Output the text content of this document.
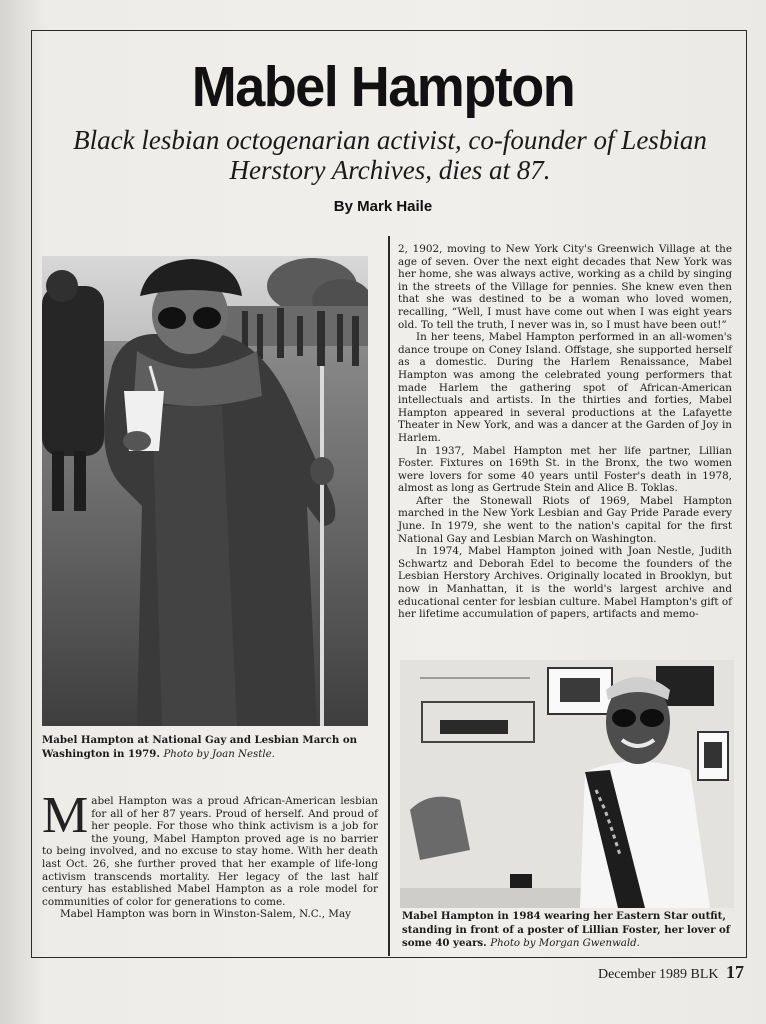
Mabel Hampton
Black lesbian octogenarian activist, co-founder of Lesbian Herstory Archives, dies at 87.
By Mark Haile
Mabel Hampton at National Gay and Lesbian March on Washington in 1979. Photo by Joan Nestle.

M abel Hampton was a proud African-American lesbian for all of her 87 years. Proud of herself. And proud of her people. For those who think activism is a job for the young, Mabel Hampton proved age is no barrier to being involved, and no excuse to stay home. With her death last Oct. 26, she further proved that her example of life-long activism transcends mortality. Her legacy of the last half century has established Mabel Hampton as a role model for communities of color for generations to come.

Mabel Hampton was born in Winston-Salem, N.C., May

2, 1902, moving to New York City's Greenwich Village at the age of seven. Over the next eight decades that New York was her home, she was always active, working as a child by singing in the streets of the Village for pennies. She knew even then that she was destined to be a woman who loved women, recalling, “Well, I must have come out when I was eight years old. To tell the truth, I never was in, so I must have been out!”

In her teens, Mabel Hampton performed in an all-women's dance troupe on Coney Island. Offstage, she supported herself as a domestic. During the Harlem Renaissance, Mabel Hampton was among the celebrated young performers that made Harlem the gathering spot of African-American intellectuals and artists. In the thirties and forties, Mabel Hampton appeared in several productions at the Lafayette Theater in New York, and was a dancer at the Garden of Joy in Harlem.

In 1937, Mabel Hampton met her life partner, Lillian Foster. Fixtures on 169th St. in the Bronx, the two women were lovers for some 40 years until Foster's death in 1978, almost as long as Gertrude Stein and Alice B. Toklas.

After the Stonewall Riots of 1969, Mabel Hampton marched in the New York Lesbian and Gay Pride Parade every June. In 1979, she went to the nation's capital for the first National Gay and Lesbian March on Washington.

In 1974, Mabel Hampton joined with Joan Nestle, Judith Schwartz and Deborah Edel to become the founders of the Lesbian Herstory Archives. Originally located in Brooklyn, but now in Manhattan, it is the world's largest archive and educational center for lesbian culture. Mabel Hampton's gift of her lifetime accumulation of papers, artifacts and memo-

Mabel Hampton in 1984 wearing her Eastern Star outfit, standing in front of a poster of Lillian Foster, her lover of some 40 years. Photo by Morgan Gwenwald.
December 1989 BLK 17
